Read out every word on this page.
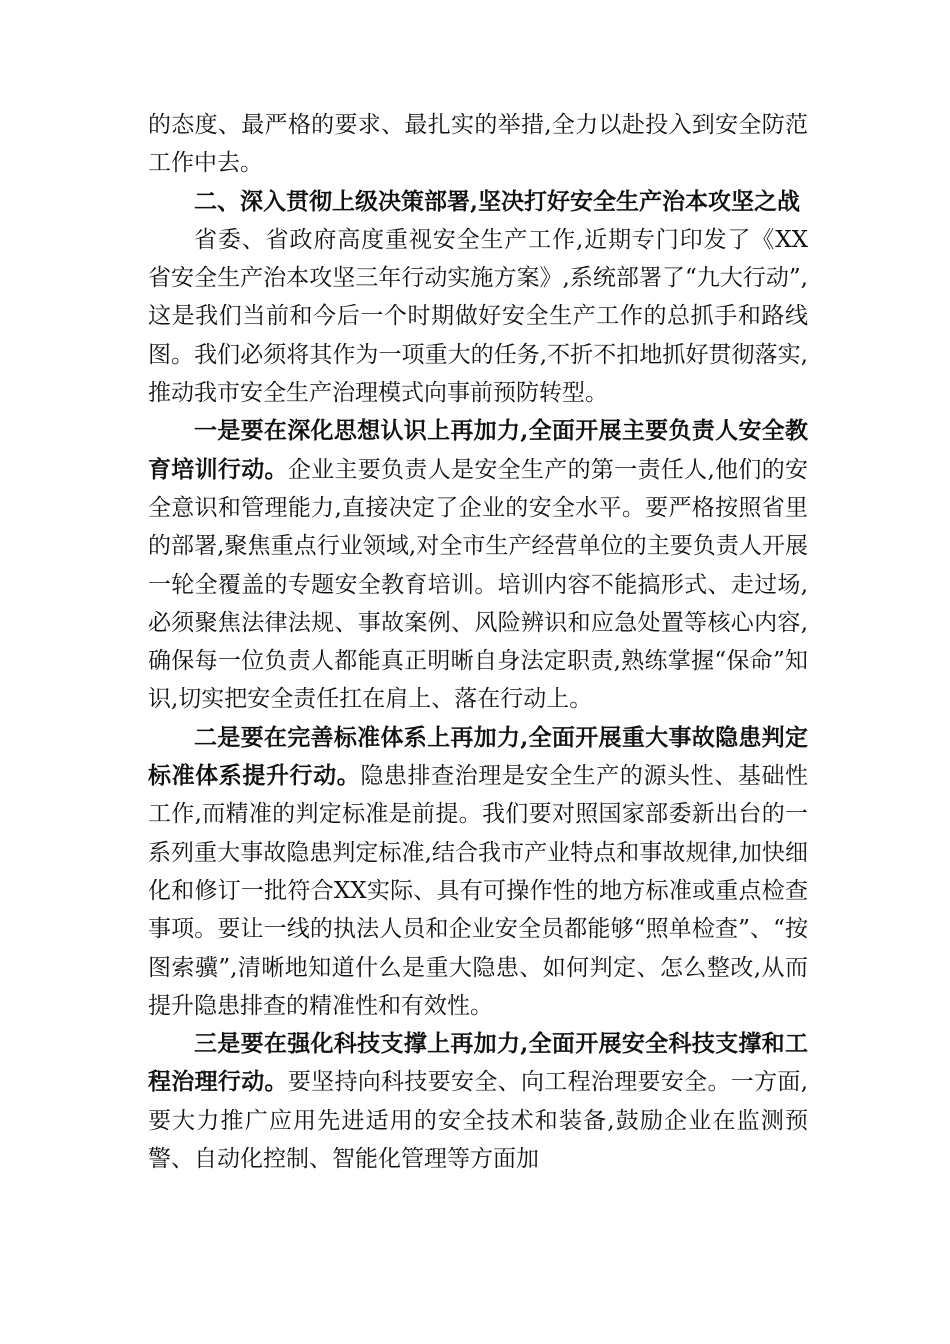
的态度、最严格的要求、最扎实的举措,全力以赴投入到安全防范工作中去。

二、深入贯彻上级决策部署,坚决打好安全生产治本攻坚之战

省委、省政府高度重视安全生产工作,近期专门印发了《XX省安全生产治本攻坚三年行动实施方案》,系统部署了“九大行动”,这是我们当前和今后一个时期做好安全生产工作的总抓手和路线图。我们必须将其作为一项重大的任务,不折不扣地抓好贯彻落实,推动我市安全生产治理模式向事前预防转型。

一是要在深化思想认识上再加力,全面开展主要负责人安全教育培训行动。企业主要负责人是安全生产的第一责任人,他们的安全意识和管理能力,直接决定了企业的安全水平。要严格按照省里的部署,聚焦重点行业领域,对全市生产经营单位的主要负责人开展一轮全覆盖的专题安全教育培训。培训内容不能搞形式、走过场,必须聚焦法律法规、事故案例、风险辨识和应急处置等核心内容,确保每一位负责人都能真正明晰自身法定职责,熟练掌握“保命”知识,切实把安全责任扛在肩上、落在行动上。

二是要在完善标准体系上再加力,全面开展重大事故隐患判定标准体系提升行动。隐患排查治理是安全生产的源头性、基础性工作,而精准的判定标准是前提。我们要对照国家部委新出台的一系列重大事故隐患判定标准,结合我市产业特点和事故规律,加快细化和修订一批符合XX实际、具有可操作性的地方标准或重点检查事项。要让一线的执法人员和企业安全员都能够“照单检查”、“按图索骥”,清晰地知道什么是重大隐患、如何判定、怎么整改,从而提升隐患排查的精准性和有效性。

三是要在强化科技支撑上再加力,全面开展安全科技支撑和工程治理行动。要坚持向科技要安全、向工程治理要安全。一方面,要大力推广应用先进适用的安全技术和装备,鼓励企业在监测预警、自动化控制、智能化管理等方面加
